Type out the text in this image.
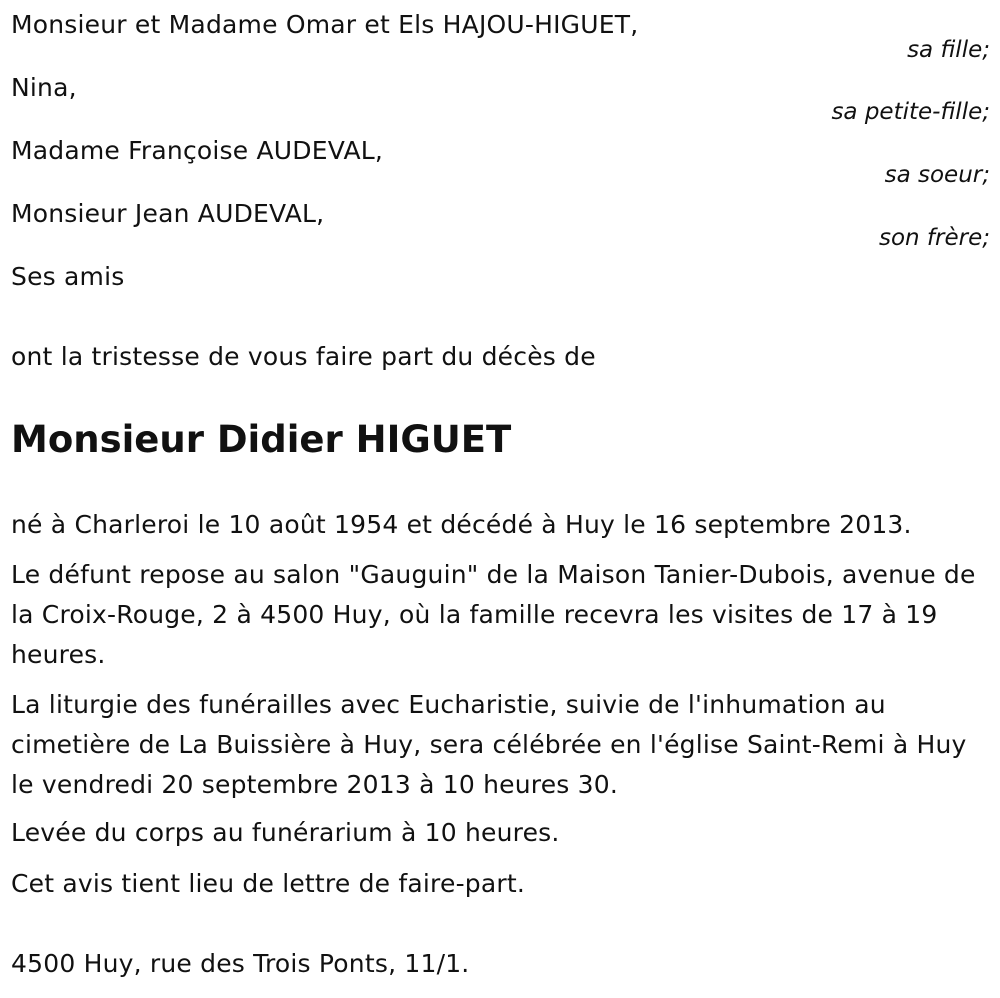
Monsieur et Madame Omar et Els HAJOU-HIGUET,
sa fille;
Nina,
sa petite-fille;
Madame Françoise AUDEVAL,
sa soeur;
Monsieur Jean AUDEVAL,
son frère;
Ses amis
ont la tristesse de vous faire part du décès de
Monsieur Didier HIGUET
né à Charleroi le 10 août 1954 et décédé à Huy le 16 septembre 2013.
Le défunt repose au salon "Gauguin" de la Maison Tanier-Dubois, avenue de la Croix-Rouge, 2 à 4500 Huy, où la famille recevra les visites de 17 à 19 heures.
La liturgie des funérailles avec Eucharistie, suivie de l'inhumation au cimetière de La Buissière à Huy, sera célébrée en l'église Saint-Remi à Huy le vendredi 20 septembre 2013 à 10 heures 30.
Levée du corps au funérarium à 10 heures.
Cet avis tient lieu de lettre de faire-part.
4500 Huy, rue des Trois Ponts, 11/1.
